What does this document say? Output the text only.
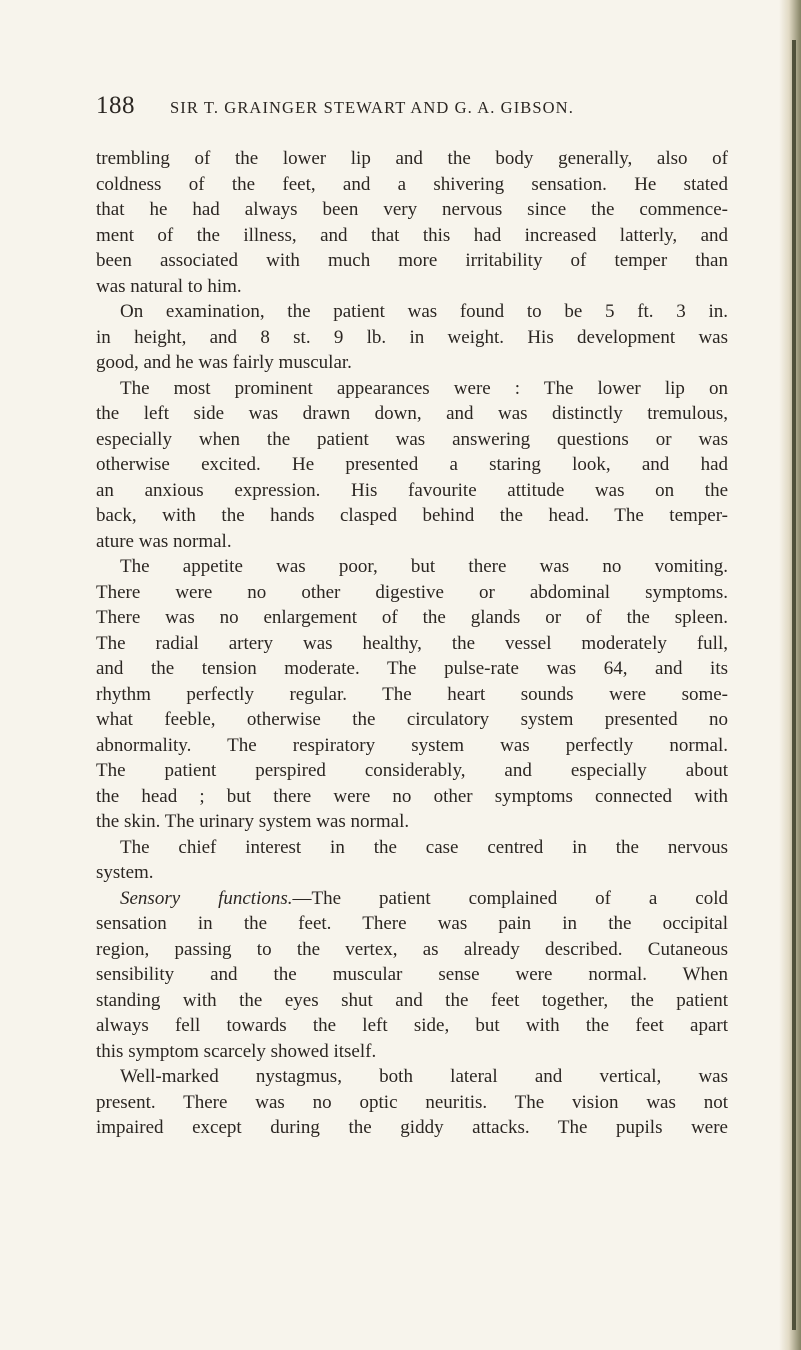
188 SIR T. GRAINGER STEWART AND G. A. GIBSON.
trembling of the lower lip and the body generally, also of
coldness of the feet, and a shivering sensation. He stated
that he had always been very nervous since the commence-
ment of the illness, and that this had increased latterly, and
been associated with much more irritability of temper than
was natural to him.
On examination, the patient was found to be 5 ft. 3 in.
in height, and 8 st. 9 lb. in weight. His development was
good, and he was fairly muscular.
The most prominent appearances were : The lower lip on
the left side was drawn down, and was distinctly tremulous,
especially when the patient was answering questions or was
otherwise excited. He presented a staring look, and had
an anxious expression. His favourite attitude was on the
back, with the hands clasped behind the head. The temper-
ature was normal.
The appetite was poor, but there was no vomiting.
There were no other digestive or abdominal symptoms.
There was no enlargement of the glands or of the spleen.
The radial artery was healthy, the vessel moderately full,
and the tension moderate. The pulse-rate was 64, and its
rhythm perfectly regular. The heart sounds were some-
what feeble, otherwise the circulatory system presented no
abnormality. The respiratory system was perfectly normal.
The patient perspired considerably, and especially about
the head ; but there were no other symptoms connected with
the skin. The urinary system was normal.
The chief interest in the case centred in the nervous
system.
Sensory functions.—The patient complained of a cold
sensation in the feet. There was pain in the occipital
region, passing to the vertex, as already described. Cutaneous
sensibility and the muscular sense were normal. When
standing with the eyes shut and the feet together, the patient
always fell towards the left side, but with the feet apart
this symptom scarcely showed itself.
Well-marked nystagmus, both lateral and vertical, was
present. There was no optic neuritis. The vision was not
impaired except during the giddy attacks. The pupils were
